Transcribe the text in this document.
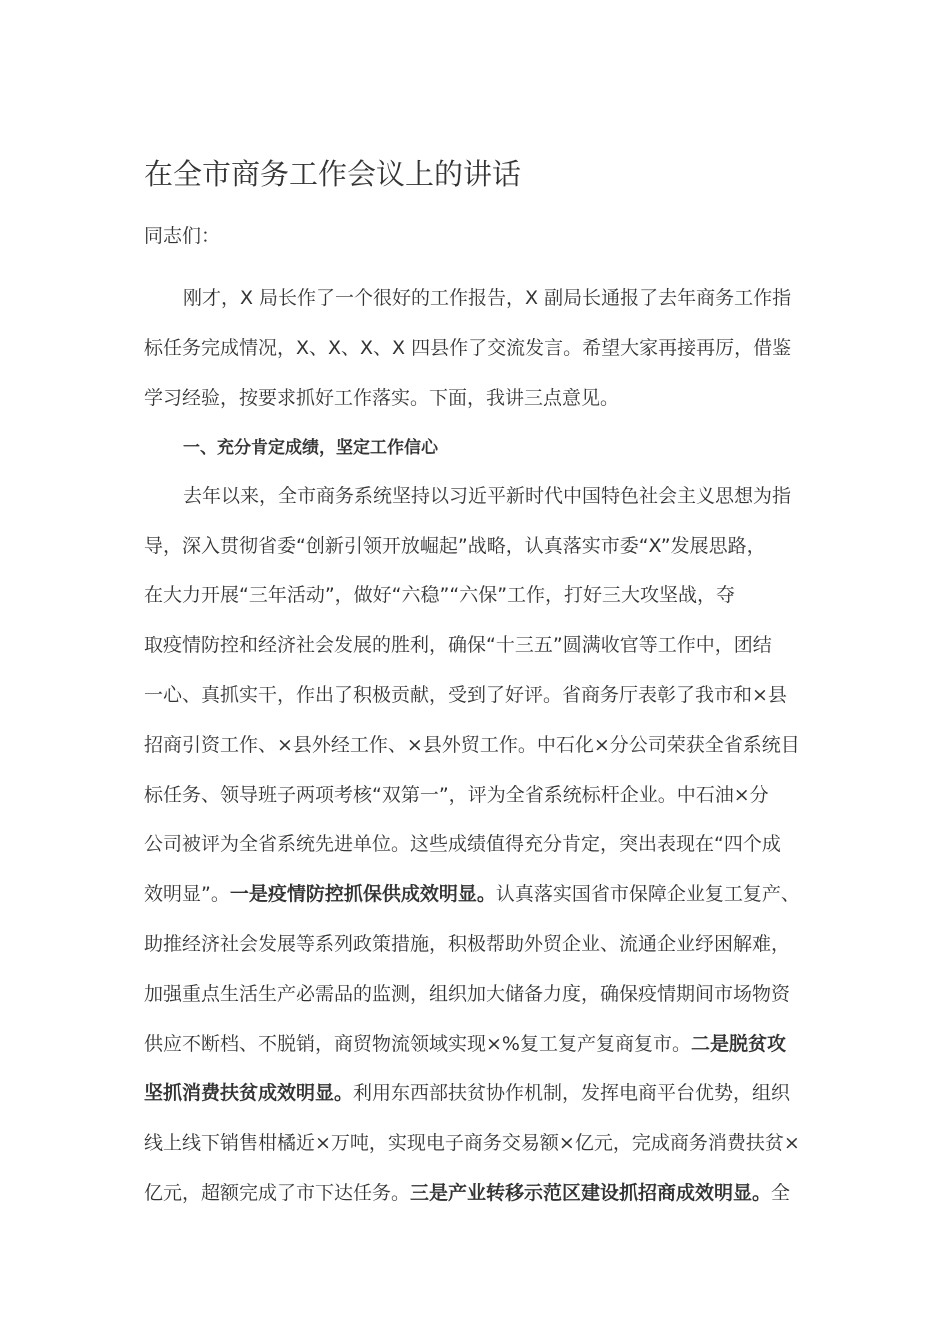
在全市商务工作会议上的讲话
同志们：
刚才，X 局长作了一个很好的工作报告，X 副局长通报了去年商务工作指
标任务完成情况，X、X、X、X 四县作了交流发言。希望大家再接再厉，借鉴
学习经验，按要求抓好工作落实。下面，我讲三点意见。
一、充分肯定成绩，坚定工作信心
去年以来，全市商务系统坚持以习近平新时代中国特色社会主义思想为指
导，深入贯彻省委“创新引领开放崛起”战略，认真落实市委“X”发展思路，
在大力开展“三年活动”，做好“六稳”“六保”工作，打好三大攻坚战，夺
取疫情防控和经济社会发展的胜利，确保“十三五”圆满收官等工作中，团结
一心、真抓实干，作出了积极贡献，受到了好评。省商务厅表彰了我市和×县
招商引资工作、×县外经工作、×县外贸工作。中石化×分公司荣获全省系统目
标任务、领导班子两项考核“双第一”，评为全省系统标杆企业。中石油×分
公司被评为全省系统先进单位。这些成绩值得充分肯定，突出表现在“四个成
效明显”。一是疫情防控抓保供成效明显。认真落实国省市保障企业复工复产、
助推经济社会发展等系列政策措施，积极帮助外贸企业、流通企业纾困解难，
加强重点生活生产必需品的监测，组织加大储备力度，确保疫情期间市场物资
供应不断档、不脱销，商贸物流领域实现×%复工复产复商复市。二是脱贫攻
坚抓消费扶贫成效明显。利用东西部扶贫协作机制，发挥电商平台优势，组织
线上线下销售柑橘近×万吨，实现电子商务交易额×亿元，完成商务消费扶贫×
亿元，超额完成了市下达任务。三是产业转移示范区建设抓招商成效明显。全
